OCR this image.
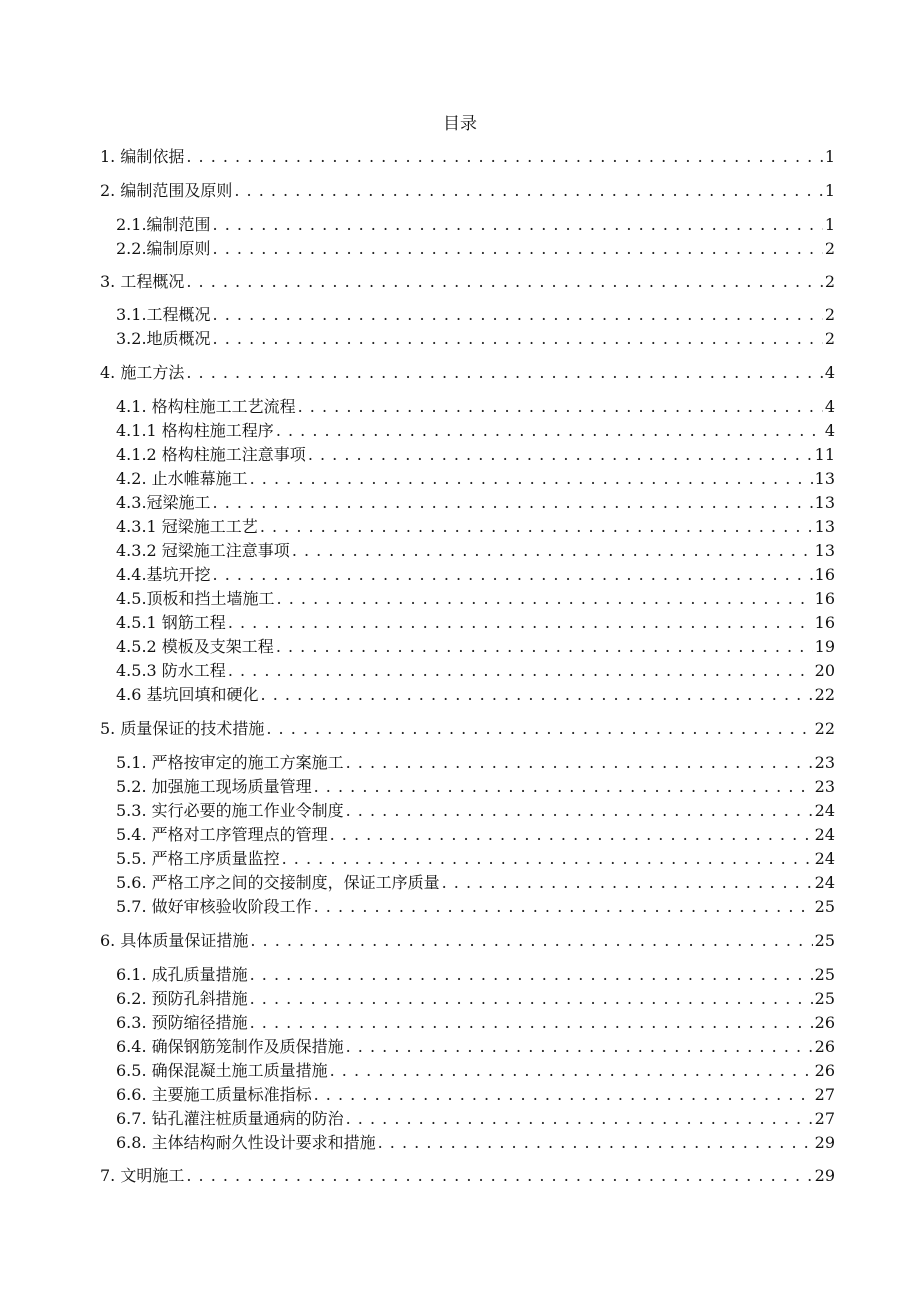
目录
1. 编制依据 . . .	1
2. 编制范围及原则 . . .	1
2.1.编制范围 . . .	1
2.2.编制原则 . . .	2
3. 工程概况 . . .	2
3.1.工程概况 . . .	2
3.2.地质概况 . . .	2
4. 施工方法 . . .	4
4.1. 格构柱施工工艺流程 . . .	4
4.1.1 格构柱施工程序 . . .	4
4.1.2 格构柱施工注意事项 . . .	11
4.2. 止水帷幕施工 . . .	13
4.3.冠梁施工 . . .	13
4.3.1 冠梁施工工艺 . . .	13
4.3.2 冠梁施工注意事项 . . .	13
4.4.基坑开挖 . . .	16
4.5.顶板和挡土墙施工 . . .	16
4.5.1 钢筋工程 . . .	16
4.5.2 模板及支架工程 . . .	19
4.5.3 防水工程 . . .	20
4.6 基坑回填和硬化 . . .	22
5. 质量保证的技术措施 . . .	22
5.1. 严格按审定的施工方案施工 . . .	23
5.2. 加强施工现场质量管理 . . .	23
5.3. 实行必要的施工作业令制度 . . .	24
5.4. 严格对工序管理点的管理 . . .	24
5.5. 严格工序质量监控 . . .	24
5.6. 严格工序之间的交接制度，保证工序质量 . . .	24
5.7. 做好审核验收阶段工作 . . .	25
6. 具体质量保证措施 . . .	25
6.1. 成孔质量措施 . . .	25
6.2. 预防孔斜措施 . . .	25
6.3. 预防缩径措施 . . .	26
6.4. 确保钢筋笼制作及质保措施 . . .	26
6.5. 确保混凝土施工质量措施 . . .	26
6.6. 主要施工质量标准指标 . . .	27
6.7. 钻孔灌注桩质量通病的防治 . . .	27
6.8. 主体结构耐久性设计要求和措施 . . .	29
7. 文明施工 . . .	29
